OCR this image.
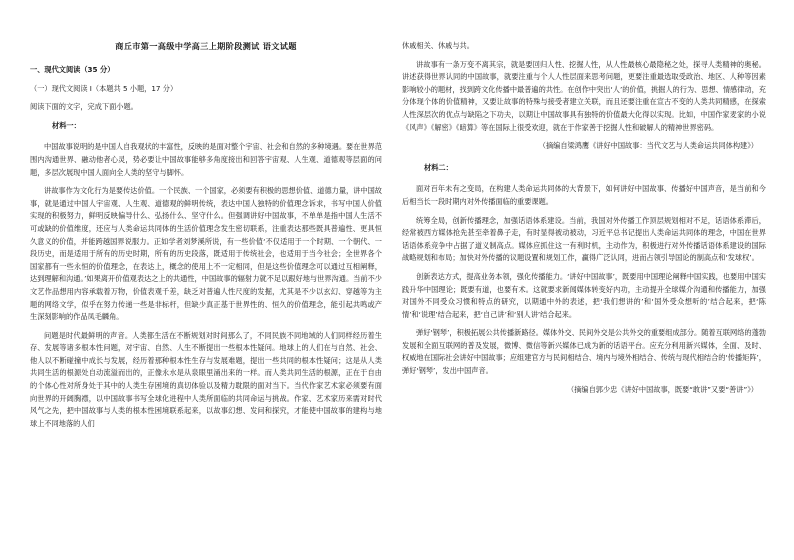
商丘市第一高级中学高三上期阶段测试 语文试题
一、现代文阅读（35 分）
（一）现代文阅读 I（本题共 5 小题，17 分）
阅读下面的文字，完成下面小题。
材料一：

中国故事说明的是中国人自我观状的丰富性，反映的是面对整个宇宙、社会和自然的多种境遇。要在世界范围内沟通世界、融动他者心灵，势必要让中国故事能够多角度接出和回答宇宙观、人生观、道德观等层面的问题，多层次展现中国人面向全人类的坚守与脚怀。

讲故事作为文化行为是要传达价值。一个民族、一个国家，必须要有积极的思想价值、道德力量，讲中国故事，就是通过中国人宇宙观、人生观、道德观的鲜明传统，表达中国人独特的价值理念诉求，书写中国人价值实现的积极努力，鲜明反映偏导什么、弘扬什么、坚守什么。但强调讲好中国故事，不单单是指中国人生活不可或缺的价值维度，还应与人类命运共同体的生活价值理念发生密切联系，注重表达那些既具普遍性、更具恒久意义的价值，并能跨越国界说服力。正如学者刘梦溪所说，有一些价值‘不仅适用于一个时期、一个朝代、一段历史，而是适用于所有的历史时期，所有的历史段落，既适用于传统社会，也适用于当今社会；全世界各个国家都有一些永恒的价值理念，在表达上，概念的使用上不一定相同，但是这些价值理念可以通过互相阐释，达到理解和沟通。’如果离开价值观表达之上的共通性，中国故事的辐射力就不足以跟好地与世界沟通。当前不少文艺作品想用内容承载着万物，价值表观千差，缺乏对普遍人性尺度的发掘，尤其是不少以玄幻、穿越等为主题的网络文学，似乎在努力传递一些是非标杆，但缺少真正基于世界性的、恒久的价值理念，能引起共鸣或产生深刻影响的作品凤毛麟角。

问题是时代最鲜明的声音。人类都生活在不断规划对时间那么了，不同民族不同地域的人们同样经历着生存、发展等诸多根本性问题，对宇宙、自然、人生不断提出一些根本性疑问。地球上的人们在与自然、社会、他人以不断碰撞中成长与发展，经历着那种根本性生存与发展难题，提出一些共同的根本性疑问；这是从人类共同生活的根源处自动流溢而出的，正像永水是从泉眼里涌出来的一样。而人类共同生活的根源，正在于自由的个体心性对所身处于其中的人类生存困境的真切体验以及精力耽限的面对当下。当代作家艺术家必须要有面向世界的开阔胸襟，以中国故事书写全球化进程中人类所面临的共同命运与挑战。作家、艺术家历来需对时代风气之先，把中国故事与人类的根本性困境联系起来，以故事幻想、发问和探究，才能使中国故事的建构与地球上不同地落的人们

休戚相关、休戚与共。

讲故事有一条万变不离其宗，就是要回归人性、挖掘人性，从人性最核心最隐秘之处，探寻人类精神的奥秘。讲述获得世界认同的中国故事，就要注重与个人人性层面来思考问题，更要注重最选取受政治、地区、人种等因素影响较小的题材，找到跨文化传播中最普遍的共性。在创作中突出‘人’的价值，挑掘人的行为、思想、情感律动，充分体现个体的价值精神，又要让故事的特殊与接受者建立关联，而且还要注重在宣古不变的人类共同精感，在探索人性深层次的优点与缺陷之下功夫，以期让中国故事具有独特的价值最大化得以实现。比如，中国作家麦家的小说《风声》《解密》《暗算》等在国际上很受欢迎，就在于作家善于挖掘人性和破解人的精神世界密码。

（摘编自梁鸿鹰《讲好中国故事：当代文艺与人类命运共同体构建》）

材料二：

面对百年未有之变局，在构建人类命运共同体的大背景下，如何讲好中国故事、传播好中国声音，是当前和今后相当长一段时期内对外传播面临的重要课题。

统筹全局，创新传播理念，加强话语体系建设。当前，我国对外传播工作顶层规划相对不足，话语体系滞后，经常被西方媒体抢先甚至牵着鼻子走，有时显得被动被动，习近平总书记提出人类命运共同体的理念，中国在世界话语体系竞争中占据了道义制高点。媒体应抓住这一有利时机，主动作为，积极进行对外传播话语体系建设的国际战略规划和布局；加快对外传播的议题设置和规划工作，赢得广泛认同，进而占领引导国论的制高点和‘发球权’。

创新表达方式，提高业务本领，强化传播能力。‘讲好中国故事’，既要用中国理论阐释中国实践，也要用中国实践升华中国理论；既要有道，也要有术。这就要求新闻媒体转变好内功，主动提升全球媒介沟通和传播能力，加强对国外不同受众习惯和特点的研究，以期通中外的表述，把‘我们想讲的’和‘国外受众想听的’结合起来，把‘陈情’和‘说理’结合起来，把‘自己讲’和‘别人讲’结合起来。

弹好‘钢琴’，积极拓展公共传播新路径。媒体外交、民间外交是公共外交的重要组成部分。随着互联网络的蓬勃发展和全面互联网的普及发展，微博、微信等新兴媒体已成为新的话语平台。应充分利用新兴媒体，全面、及时、权威地在国际社会讲好中国故事；应组建官方与民间相结合、境内与境外相结合、传统与现代相结合的‘传播矩阵’，弹好‘钢琴’，发出中国声音。

（摘编自郭少忠《讲好中国故事，既要“敢讲”又要“善讲”》）
